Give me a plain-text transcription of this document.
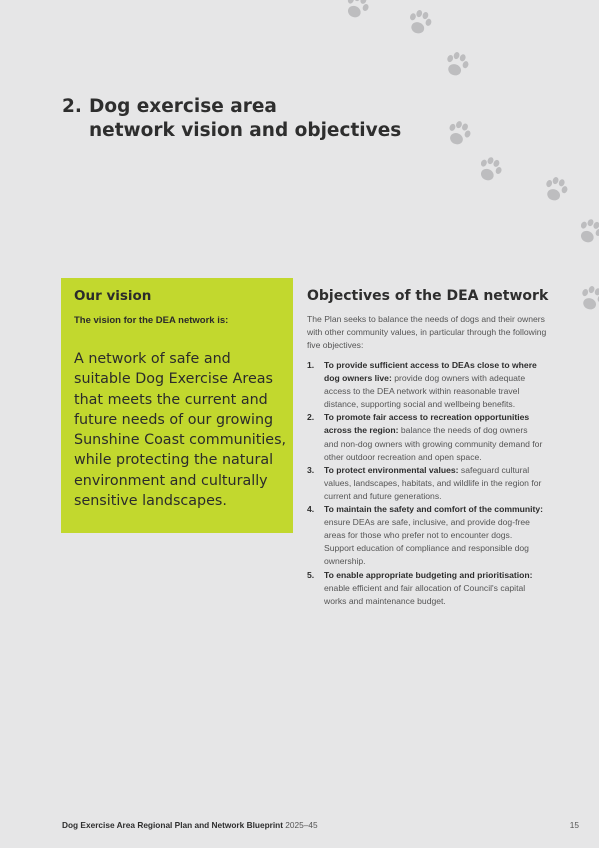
2. Dog exercise area
network vision and objectives
Our vision

The vision for the DEA network is:

A network of safe and suitable Dog Exercise Areas that meets the current and future needs of our growing Sunshine Coast communities, while protecting the natural environment and culturally sensitive landscapes.

Objectives of the DEA network

The Plan seeks to balance the needs of dogs and their owners with other community values, in particular through the following five objectives:

1. To provide sufficient access to DEAs close to where dog owners live: provide dog owners with adequate access to the DEA network within reasonable travel distance, supporting social and wellbeing benefits.
2. To promote fair access to recreation opportunities across the region: balance the needs of dog owners and non-dog owners with growing community demand for other outdoor recreation and open space.
3. To protect environmental values: safeguard cultural values, landscapes, habitats, and wildlife in the region for current and future generations.
4. To maintain the safety and comfort of the community: ensure DEAs are safe, inclusive, and provide dog-free areas for those who prefer not to encounter dogs. Support education of compliance and responsible dog ownership.
5. To enable appropriate budgeting and prioritisation: enable efficient and fair allocation of Council's capital works and maintenance budget.

Dog Exercise Area Regional Plan and Network Blueprint 2025–45	15
